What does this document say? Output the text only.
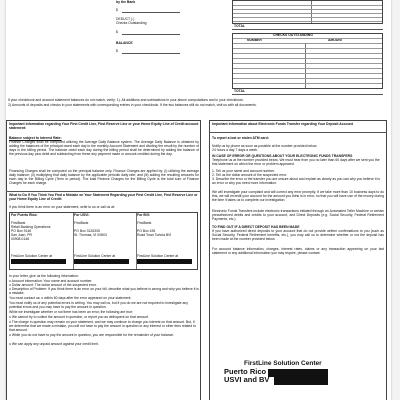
by the Bank
$
DEDUCT (-)
Checks Outstanding
$
BALANCE
$
TOTAL
CHECKS OUTSTANDING
NUMBER	AMOUNT
TOTAL
If your checkbook and account statement balances do not match, verify: 1). All additions and subtractions in your above computations and in your checkbook.
2).Amounts of deposits and checks in your statements with corresponding entries in your checkbook. If the two balances still do not match, visit us with all documents.
Important information regarding Your First Credit Line, First Reserve Line or your Home Equity Line of Credit account statement:
Balance subject to Interest Rate:
Finance Charges shall be computed utilizing the Average Daily Balance system. The Average Daily Balance is obtained by adding the balances of the principal owed each day in the monthly Account Statement and dividing the result by the number of days in the billing period. The balance owed each day during the billing period shall be determined by adding the balance of the previous day plus debit and subtracting from these any payment made or amount credited during the day.
Financing Charges shall be computed on the principal balance only. Finance Charges are applied by: (i) utilizing the average daily balance; (ii) multiplying that daily balance by the applicable periodic daily rate; and (iii) adding the resulting amounts for each day in the Billing Cycle (Term or period). The total Finance Charges for the Billing Cycle is the total sum of Finance Charges for each charge.
What to Do If You Think You Find a Mistake on Your Statement Regarding your First Credit Line, First Reserve Line or your Home Equity Line of Credit:
If you think there is an error on your statement, write to us or call us at:
For Puerto Rico:
FirstBank
Retail Banking Operations
PO Box 9146
San Juan, PR
00908-0146
FirstLine Solution Center at
For USVI:
FirstBank
PO Box 3126335
St. Thomas, VI 00803
FirstLine Solution Center at
For BVI:
FirstBank
PO Box 435
Road Town Tortola BVI
FirstLine Solution Center at
In your letter, give us the following information:
o Account information: Your name and account number.
o Dollar amount: The dollar amount of the suspected error.
o Description of Problem: If you think there is an error on your bill, describe what you believe is wrong and why you believe it is a mistake.
You must contact us: o within 60 days after the error appeared on your statement.
You must notify us of any potential errors in writing. You may call us, but if you do we are not required to investigate any potential errors and you may have to pay the amount in question.
While we investigate whether or not there has been an error, the following are true:
o We cannot try to collect the amount in question, or report you as delinquent on that amount.
o The charge in question may remain on your statement, and we may continue to charge you interest on that amount. But, if we determine that we made a mistake, you will not have to pay the amount in question or any interest or other fees related to that amount.
o While you do not have to pay the amount in question, you are responsible for the remainder of your balance.
o We can apply any unpaid amount against your credit limit.
Important information about Electronic Funds Transfer regarding Your Deposit Account
To report a lost or stolen ATM card:
Notify us by phone as soon as possible at the number provided below.
24 hours a day 7 days a week.
IN CASE OF ERROR OR QUESTIONS ABOUT YOUR ELECTRONIC FUNDS TRANSFERS
Telephone us at the number provided below. We must hear from you no later than 60 days after we sent you the first statement on which the error or problem appeared.
1. Tell us your name and account number.
2. Tell us the dollar amount of the suspected error.
3. Describe the error or the transfer you are unsure about and explain as clearly as you can why you believe it is an error or why you need more information.
We will investigate your complaint and will correct any error promptly. If we take more than 10 business days to do this, we will recredit your account for the amount you think is in error, so that you will have use of the money during the time it takes us to complete our investigation.
Electronic Funds Transfers include electronic transactions initiated through an Automated Teller Machine or certain preauthorized debits and credits to your account, and Direct Deposits (e.g. Social Security, Federal Retirement Payments, etc.).
TO FIND OUT IF A DIRECT DEPOSIT HAS BEEN MADE
If you have authorized direct deposits to your account that do not provide written confirmations to you (such as Social Security, Federal Retirement benefits, etc.), you may call us to determine whether or not the deposit has been made at the number provided below.
For account balance information, charges, interest rates, claims or any transaction appearing on your last statement or any additional information you may require, please contact:
FirstLine Solution Center
Puerto Rico
USVI and BV
